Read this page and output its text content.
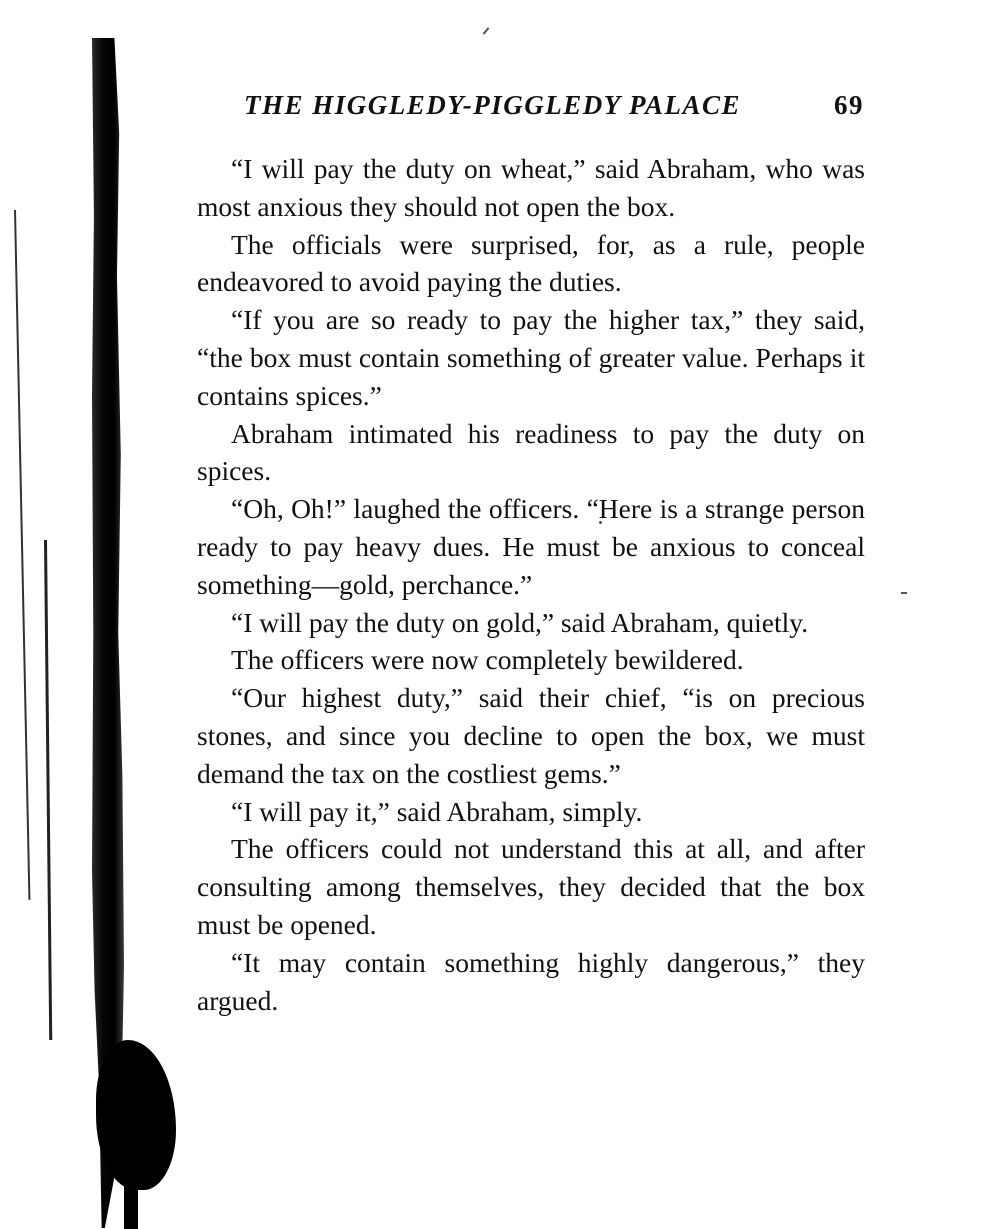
THE HIGGLEDY-PIGGLEDY PALACE	69

“I will pay the duty on wheat,” said Abraham, who was most anxious they should not open the box.

The officials were surprised, for, as a rule, people endeavored to avoid paying the duties.

“If you are so ready to pay the higher tax,” they said, “the box must contain something of greater value. Perhaps it contains spices.”

Abraham intimated his readiness to pay the duty on spices.

“Oh, Oh!” laughed the officers. “Here is a strange person ready to pay heavy dues. He must be anxious to conceal something—gold, perchance.”

“I will pay the duty on gold,” said Abraham, quietly.

The officers were now completely bewildered.

“Our highest duty,” said their chief, “is on precious stones, and since you decline to open the box, we must demand the tax on the costliest gems.”

“I will pay it,” said Abraham, simply.

The officers could not understand this at all, and after consulting among themselves, they decided that the box must be opened.

“It may contain something highly dangerous,” they argued.
